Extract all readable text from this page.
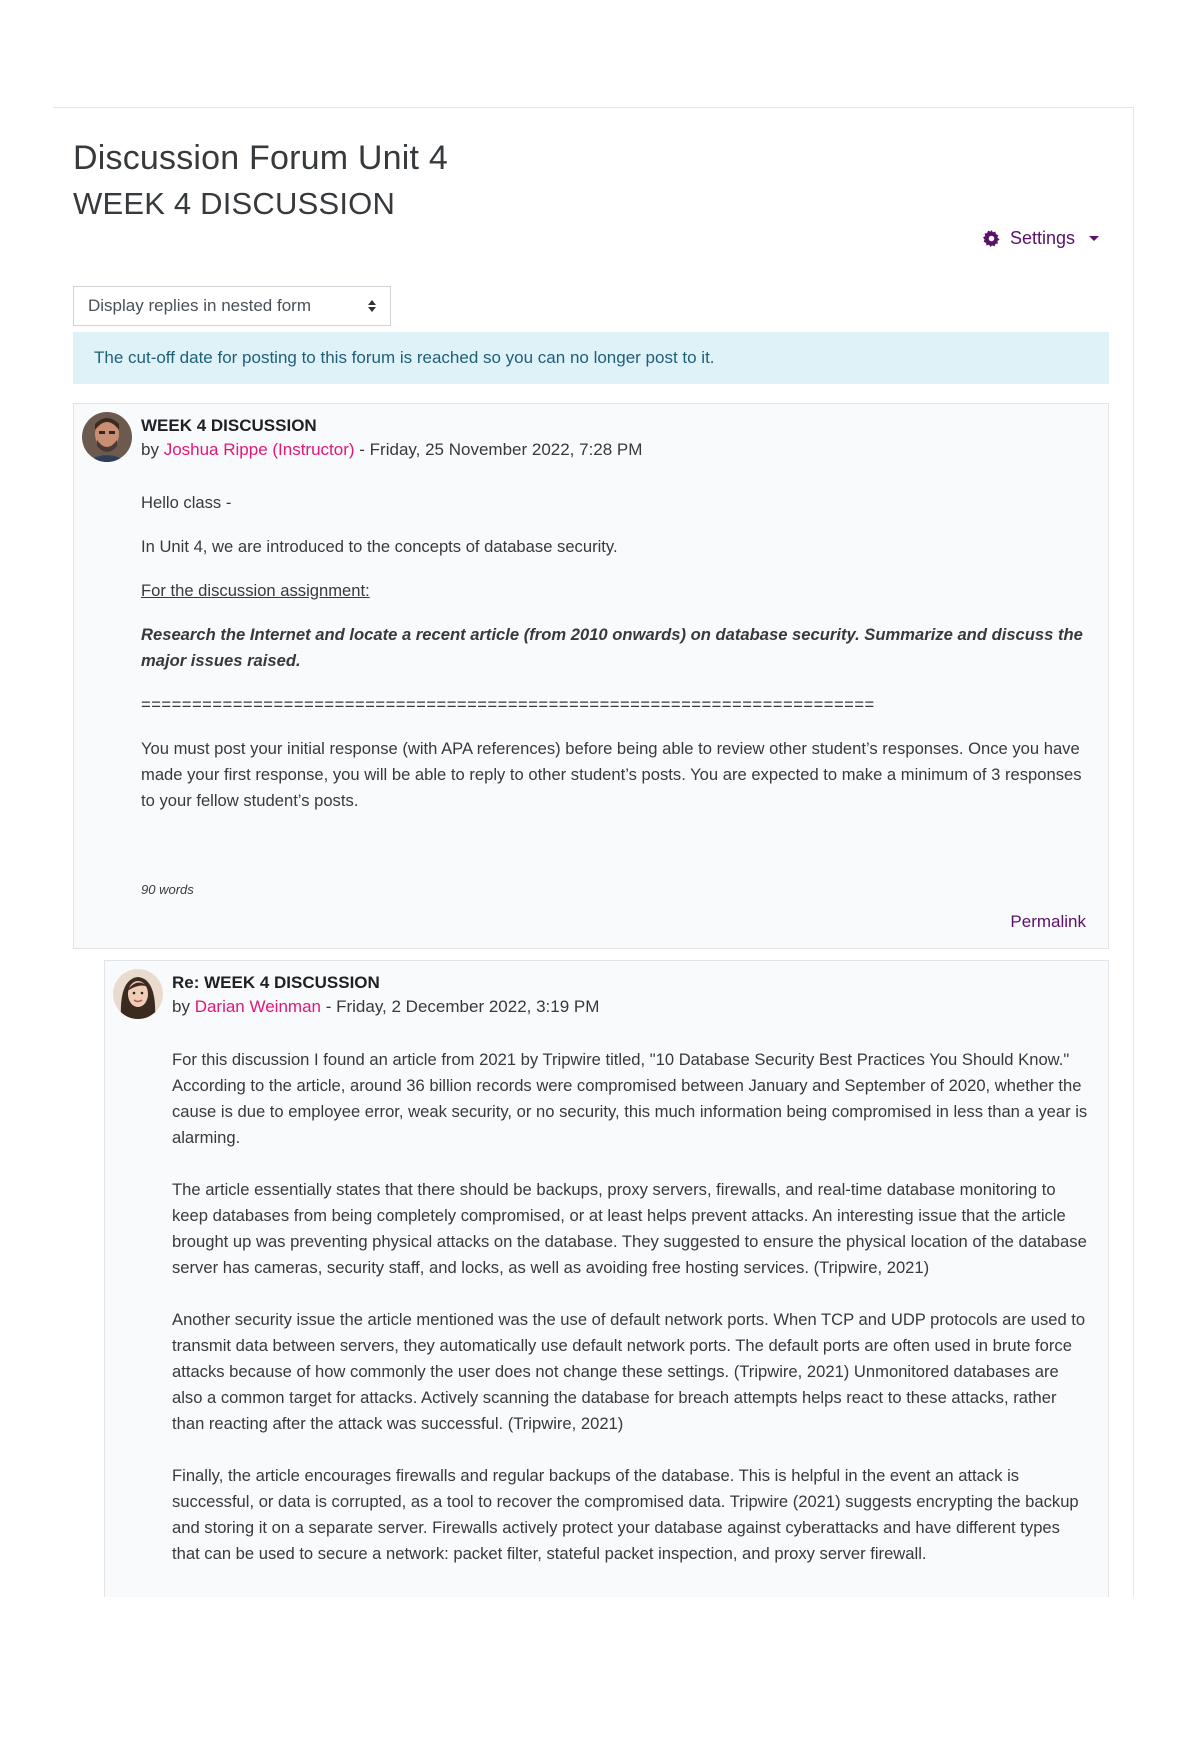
Discussion Forum Unit 4
WEEK 4 DISCUSSION
Settings
Display replies in nested form
The cut-off date for posting to this forum is reached so you can no longer post to it.
WEEK 4 DISCUSSION
by Joshua Rippe (Instructor) - Friday, 25 November 2022, 7:28 PM

Hello class -

In Unit 4, we are introduced to the concepts of database security.

For the discussion assignment:

Research the Internet and locate a recent article (from 2010 onwards) on database security. Summarize and discuss the major issues raised.

========================================================================

You must post your initial response (with APA references) before being able to review other student’s responses. Once you have made your first response, you will be able to reply to other student’s posts. You are expected to make a minimum of 3 responses to your fellow student’s posts.

90 words
Permalink
Re: WEEK 4 DISCUSSION
by Darian Weinman - Friday, 2 December 2022, 3:19 PM

For this discussion I found an article from 2021 by Tripwire titled, "10 Database Security Best Practices You Should Know." According to the article, around 36 billion records were compromised between January and September of 2020, whether the cause is due to employee error, weak security, or no security, this much information being compromised in less than a year is alarming.

The article essentially states that there should be backups, proxy servers, firewalls, and real-time database monitoring to keep databases from being completely compromised, or at least helps prevent attacks. An interesting issue that the article brought up was preventing physical attacks on the database. They suggested to ensure the physical location of the database server has cameras, security staff, and locks, as well as avoiding free hosting services. (Tripwire, 2021)

Another security issue the article mentioned was the use of default network ports. When TCP and UDP protocols are used to transmit data between servers, they automatically use default network ports. The default ports are often used in brute force attacks because of how commonly the user does not change these settings. (Tripwire, 2021) Unmonitored databases are also a common target for attacks. Actively scanning the database for breach attempts helps react to these attacks, rather than reacting after the attack was successful. (Tripwire, 2021)

Finally, the article encourages firewalls and regular backups of the database. This is helpful in the event an attack is successful, or data is corrupted, as a tool to recover the compromised data. Tripwire (2021) suggests encrypting the backup and storing it on a separate server. Firewalls actively protect your database against cyberattacks and have different types that can be used to secure a network: packet filter, stateful packet inspection, and proxy server firewall.
